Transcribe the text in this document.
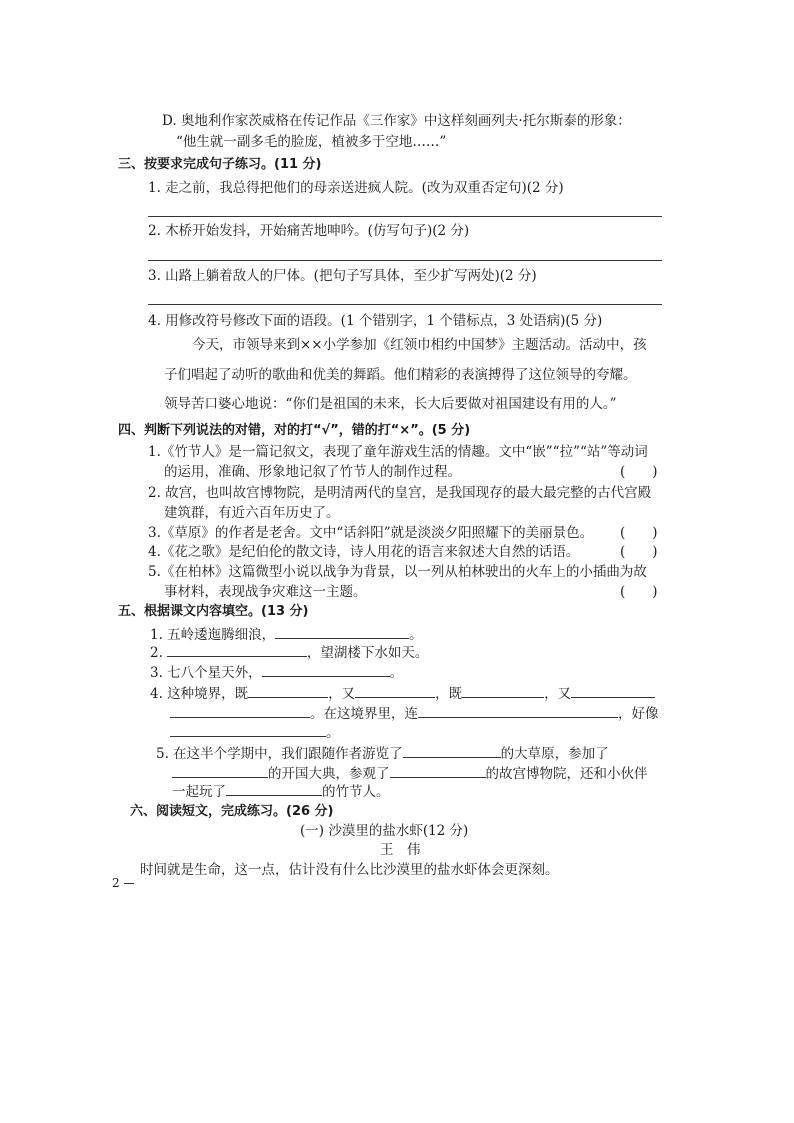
D. 奥地利作家茨威格在传记作品《三作家》中这样刻画列夫·托尔斯泰的形象：
“他生就一副多毛的脸庞，植被多于空地……”
三、按要求完成句子练习。(11 分)
1. 走之前，我总得把他们的母亲送进疯人院。(改为双重否定句)(2 分)
2. 木桥开始发抖，开始痛苦地呻吟。(仿写句子)(2 分)
3. 山路上躺着敌人的尸体。(把句子写具体，至少扩写两处)(2 分)
4. 用修改符号修改下面的语段。(1 个错别字，1 个错标点，3 处语病)(5 分)
今天，市领导来到××小学参加《红领巾相约中国梦》主题活动。活动中，孩
子们唱起了动听的歌曲和优美的舞蹈。他们精彩的表演搏得了这位领导的夸耀。
领导苦口婆心地说：“你们是祖国的未来，长大后要做对祖国建设有用的人。”
四、判断下列说法的对错，对的打“√”，错的打“×”。(5 分)
1.《竹节人》是一篇记叙文，表现了童年游戏生活的情趣。文中“嵌”“拉”“站”等动词
的运用，准确、形象地记叙了竹节人的制作过程。	(　　)
2. 故宫，也叫故宫博物院，是明清两代的皇宫，是我国现存的最大最完整的古代宫殿
建筑群，有近六百年历史了。
3.《草原》的作者是老舍。文中“话斜阳”就是淡淡夕阳照耀下的美丽景色。 (　　)
4.《花之歌》是纪伯伦的散文诗，诗人用花的语言来叙述大自然的话语。	(　　)
5.《在柏林》这篇微型小说以战争为背景，以一列从柏林驶出的火车上的小插曲为故
事材料，表现战争灾难这一主题。	(　　)
五、根据课文内容填空。(13 分)
1. 五岭逶迤腾细浪，	。
2.	，望湖楼下水如天。
3. 七八个星天外，	。
4. 这种境界，既	，又	，既	，又
。在这境界里，连	，好像
。
5. 在这半个学期中，我们跟随作者游览了	的大草原，参加了
的开国大典，参观了	的故宫博物院，还和小伙伴
一起玩了	的竹节人。
六、阅读短文，完成练习。(26 分)
(一) 沙漠里的盐水虾(12 分)
王　伟
时间就是生命，这一点，估计没有什么比沙漠里的盐水虾体会更深刻。
2
